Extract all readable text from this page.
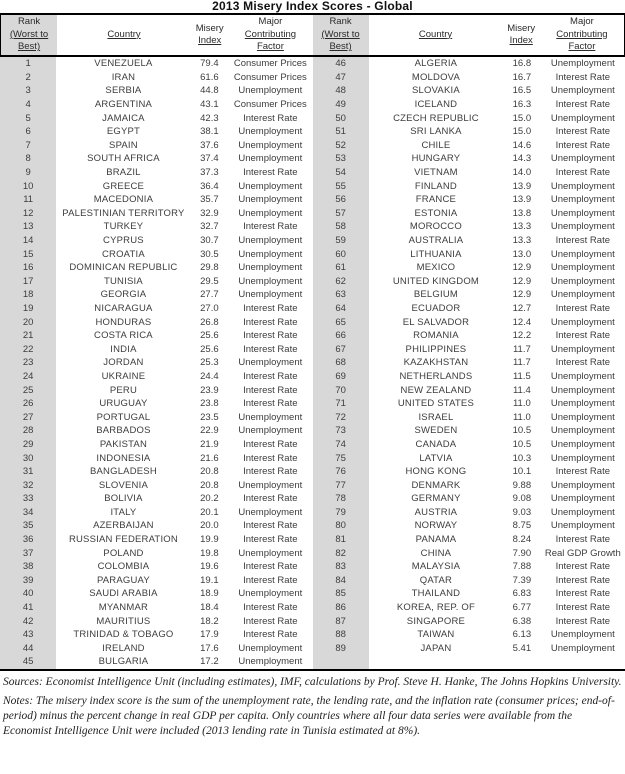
2013 Misery Index Scores - Global
Rank
(Worst to
Best)
Country
Misery
Index
Major
Contributing
Factor
Rank
(Worst to
Best)
Country
Misery
Index
Major
Contributing
Factor
1	VENEZUELA	79.4	Consumer Prices
2	IRAN	61.6	Consumer Prices
3	SERBIA	44.8	Unemployment
4	ARGENTINA	43.1	Consumer Prices
5	JAMAICA	42.3	Interest Rate
6	EGYPT	38.1	Unemployment
7	SPAIN	37.6	Unemployment
8	SOUTH AFRICA	37.4	Unemployment
9	BRAZIL	37.3	Interest Rate
10	GREECE	36.4	Unemployment
11	MACEDONIA	35.7	Unemployment
12	PALESTINIAN TERRITORY	32.9	Unemployment
13	TURKEY	32.7	Interest Rate
14	CYPRUS	30.7	Unemployment
15	CROATIA	30.5	Unemployment
16	DOMINICAN REPUBLIC	29.8	Unemployment
17	TUNISIA	29.5	Unemployment
18	GEORGIA	27.7	Unemployment
19	NICARAGUA	27.0	Interest Rate
20	HONDURAS	26.8	Interest Rate
21	COSTA RICA	25.6	Interest Rate
22	INDIA	25.6	Interest Rate
23	JORDAN	25.3	Unemployment
24	UKRAINE	24.4	Interest Rate
25	PERU	23.9	Interest Rate
26	URUGUAY	23.8	Interest Rate
27	PORTUGAL	23.5	Unemployment
28	BARBADOS	22.9	Unemployment
29	PAKISTAN	21.9	Interest Rate
30	INDONESIA	21.6	Interest Rate
31	BANGLADESH	20.8	Interest Rate
32	SLOVENIA	20.8	Unemployment
33	BOLIVIA	20.2	Interest Rate
34	ITALY	20.1	Unemployment
35	AZERBAIJAN	20.0	Interest Rate
36	RUSSIAN FEDERATION	19.9	Interest Rate
37	POLAND	19.8	Unemployment
38	COLOMBIA	19.6	Interest Rate
39	PARAGUAY	19.1	Interest Rate
40	SAUDI ARABIA	18.9	Unemployment
41	MYANMAR	18.4	Interest Rate
42	MAURITIUS	18.2	Interest Rate
43	TRINIDAD & TOBAGO	17.9	Interest Rate
44	IRELAND	17.6	Unemployment
45	BULGARIA	17.2	Unemployment
46	ALGERIA	16.8	Unemployment
47	MOLDOVA	16.7	Interest Rate
48	SLOVAKIA	16.5	Unemployment
49	ICELAND	16.3	Interest Rate
50	CZECH REPUBLIC	15.0	Unemployment
51	SRI LANKA	15.0	Interest Rate
52	CHILE	14.6	Interest Rate
53	HUNGARY	14.3	Unemployment
54	VIETNAM	14.0	Interest Rate
55	FINLAND	13.9	Unemployment
56	FRANCE	13.9	Unemployment
57	ESTONIA	13.8	Unemployment
58	MOROCCO	13.3	Unemployment
59	AUSTRALIA	13.3	Interest Rate
60	LITHUANIA	13.0	Unemployment
61	MEXICO	12.9	Unemployment
62	UNITED KINGDOM	12.9	Unemployment
63	BELGIUM	12.9	Unemployment
64	ECUADOR	12.7	Interest Rate
65	EL SALVADOR	12.4	Unemployment
66	ROMANIA	12.2	Interest Rate
67	PHILIPPINES	11.7	Unemployment
68	KAZAKHSTAN	11.7	Interest Rate
69	NETHERLANDS	11.5	Unemployment
70	NEW ZEALAND	11.4	Unemployment
71	UNITED STATES	11.0	Unemployment
72	ISRAEL	11.0	Unemployment
73	SWEDEN	10.5	Unemployment
74	CANADA	10.5	Unemployment
75	LATVIA	10.3	Unemployment
76	HONG KONG	10.1	Interest Rate
77	DENMARK	9.88	Unemployment
78	GERMANY	9.08	Unemployment
79	AUSTRIA	9.03	Unemployment
80	NORWAY	8.75	Unemployment
81	PANAMA	8.24	Interest Rate
82	CHINA	7.90	Real GDP Growth
83	MALAYSIA	7.88	Interest Rate
84	QATAR	7.39	Interest Rate
85	THAILAND	6.83	Interest Rate
86	KOREA, REP. OF	6.77	Interest Rate
87	SINGAPORE	6.38	Interest Rate
88	TAIWAN	6.13	Unemployment
89	JAPAN	5.41	Unemployment

Sources: Economist Intelligence Unit (including estimates), IMF, calculations by Prof. Steve H. Hanke, The Johns Hopkins University.

Notes: The misery index score is the sum of the unemployment rate, the lending rate, and the inflation rate (consumer prices; end-of-period) minus the percent change in real GDP per capita. Only countries where all four data series were available from the Economist Intelligence Unit were included (2013 lending rate in Tunisia estimated at 8%).
